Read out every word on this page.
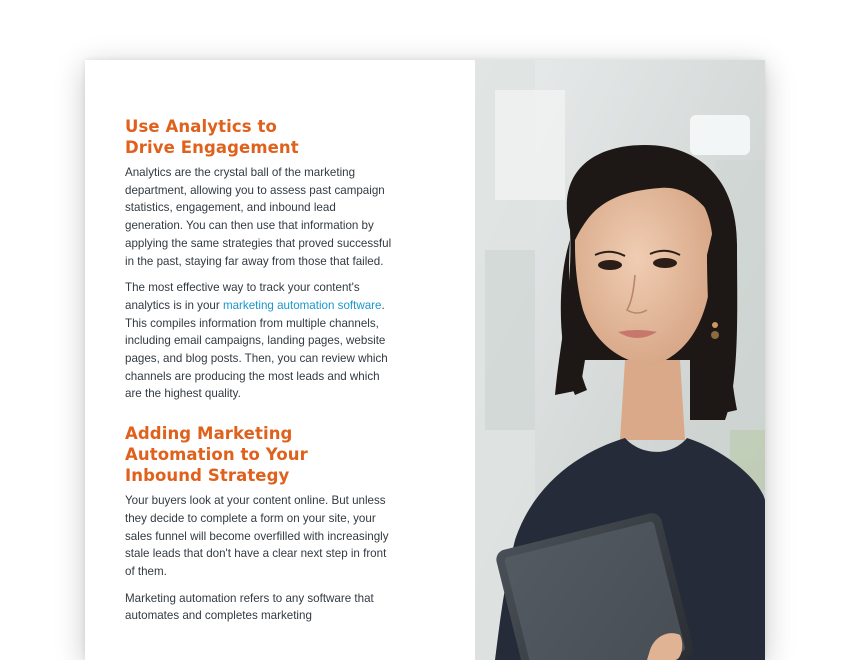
Use Analytics to
Drive Engagement

Analytics are the crystal ball of the marketing department, allowing you to assess past campaign statistics, engagement, and inbound lead generation. You can then use that information by applying the same strategies that proved successful in the past, staying far away from those that failed.

The most effective way to track your content's analytics is in your marketing automation software. This compiles information from multiple channels, including email campaigns, landing pages, website pages, and blog posts. Then, you can review which channels are producing the most leads and which are the highest quality.

Adding Marketing
Automation to Your
Inbound Strategy

Your buyers look at your content online. But unless they decide to complete a form on your site, your sales funnel will become overfilled with increasingly stale leads that don't have a clear next step in front of them.

Marketing automation refers to any software that automates and completes marketing
